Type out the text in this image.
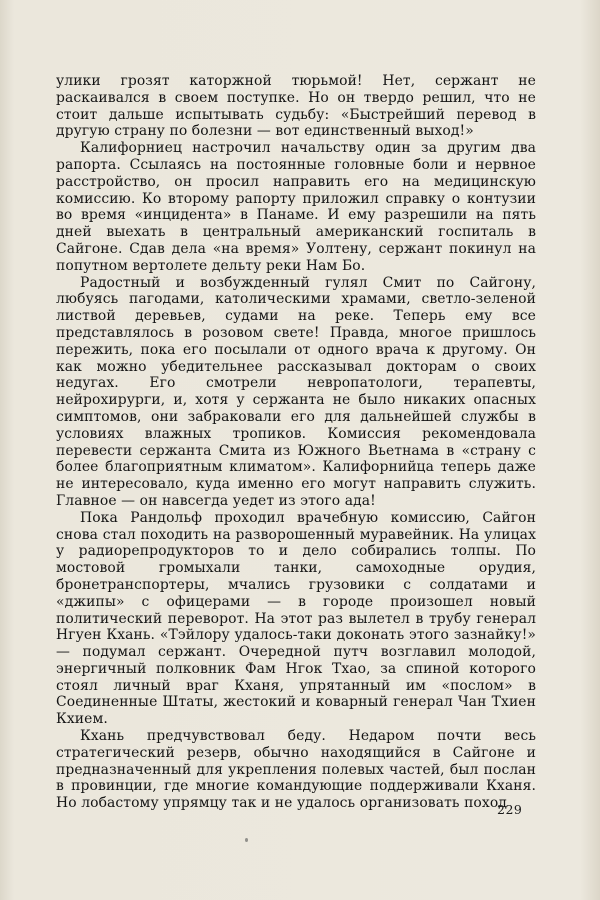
улики грозят каторжной тюрьмой! Нет, сержант не раскаивался в своем поступке. Но он твердо решил, что не стоит дальше испытывать судьбу: «Быстрейший перевод в другую страну по болезни — вот единственный выход!»

Калифорниец настрочил начальству один за другим два рапорта. Ссылаясь на постоянные головные боли и нервное расстройство, он просил направить его на медицинскую комиссию. Ко второму рапорту приложил справку о контузии во время «инцидента» в Панаме. И ему разрешили на пять дней выехать в центральный американский госпиталь в Сайгоне. Сдав дела «на время» Уолтену, сержант покинул на попутном вертолете дельту реки Нам Бо.

Радостный и возбужденный гулял Смит по Сайгону, любуясь пагодами, католическими храмами, светло-зеленой листвой деревьев, судами на реке. Теперь ему все представлялось в розовом свете! Правда, многое пришлось пережить, пока его посылали от одного врача к другому. Он как можно убедительнее рассказывал докторам о своих недугах. Его смотрели невропатологи, терапевты, нейрохирурги, и, хотя у сержанта не было никаких опасных симптомов, они забраковали его для дальнейшей службы в условиях влажных тропиков. Комиссия рекомендовала перевести сержанта Смита из Южного Вьетнама в «страну с более благоприятным климатом». Калифорнийца теперь даже не интересовало, куда именно его могут направить служить. Главное — он навсегда уедет из этого ада!

Пока Рандольф проходил врачебную комиссию, Сайгон снова стал походить на разворошенный муравейник. На улицах у радиорепродукторов то и дело собирались толпы. По мостовой громыхали танки, самоходные орудия, бронетранспортеры, мчались грузовики с солдатами и «джипы» с офицерами — в городе произошел новый политический переворот. На этот раз вылетел в трубу генерал Нгуен Кхань. «Тэйлору удалось-таки доконать этого зазнайку!» — подумал сержант. Очередной путч возглавил молодой, энергичный полковник Фам Нгок Тхао, за спиной которого стоял личный враг Кханя, упрятанный им «послом» в Соединенные Штаты, жестокий и коварный генерал Чан Тхиен Кхием.

Кхань предчувствовал беду. Недаром почти весь стратегический резерв, обычно находящийся в Сайгоне и предназначенный для укрепления полевых частей, был послан в провинции, где многие командующие поддерживали Кханя. Но лобастому упрямцу так и не удалось организовать поход

229
